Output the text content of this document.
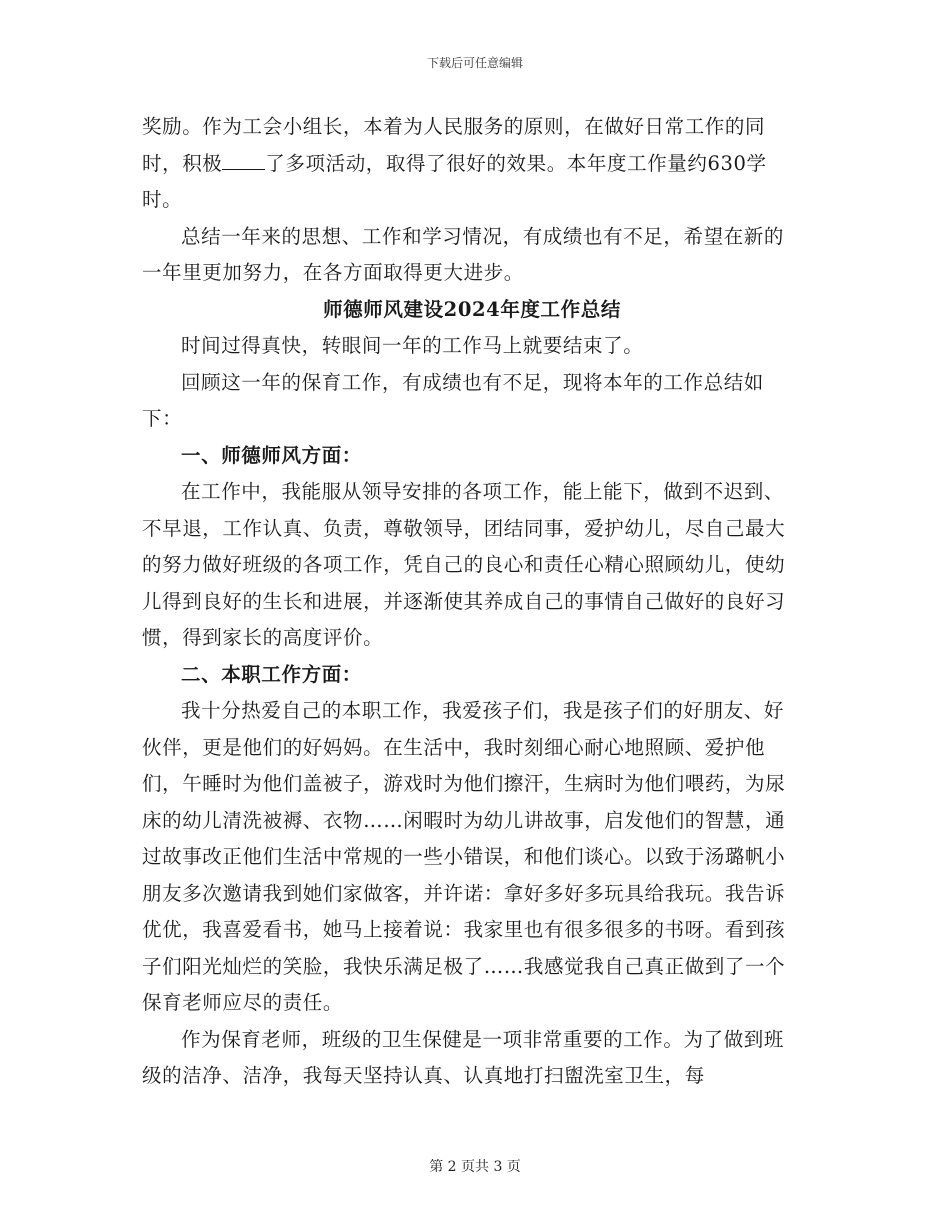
下载后可任意编辑

奖励。作为工会小组长，本着为人民服务的原则，在做好日常工作的同时，积极 了多项活动，取得了很好的效果。本年度工作量约630学时。

总结一年来的思想、工作和学习情况，有成绩也有不足，希望在新的一年里更加努力，在各方面取得更大进步。

师德师风建设2024年度工作总结

时间过得真快，转眼间一年的工作马上就要结束了。

回顾这一年的保育工作，有成绩也有不足，现将本年的工作总结如下：

一、师德师风方面：

在工作中，我能服从领导安排的各项工作，能上能下，做到不迟到、不早退，工作认真、负责，尊敬领导，团结同事，爱护幼儿，尽自己最大的努力做好班级的各项工作，凭自己的良心和责任心精心照顾幼儿，使幼儿得到良好的生长和进展，并逐渐使其养成自己的事情自己做好的良好习惯，得到家长的高度评价。

二、本职工作方面：

我十分热爱自己的本职工作，我爱孩子们，我是孩子们的好朋友、好伙伴，更是他们的好妈妈。在生活中，我时刻细心耐心地照顾、爱护他们，午睡时为他们盖被子，游戏时为他们擦汗，生病时为他们喂药，为尿床的幼儿清洗被褥、衣物……闲暇时为幼儿讲故事，启发他们的智慧，通过故事改正他们生活中常规的一些小错误，和他们谈心。以致于汤璐帆小朋友多次邀请我到她们家做客，并许诺：拿好多好多玩具给我玩。我告诉优优，我喜爱看书，她马上接着说：我家里也有很多很多的书呀。看到孩子们阳光灿烂的笑脸，我快乐满足极了……我感觉我自己真正做到了一个保育老师应尽的责任。

作为保育老师，班级的卫生保健是一项非常重要的工作。为了做到班级的洁净、洁净，我每天坚持认真、认真地打扫盥洗室卫生，每

第 2 页共 3 页
